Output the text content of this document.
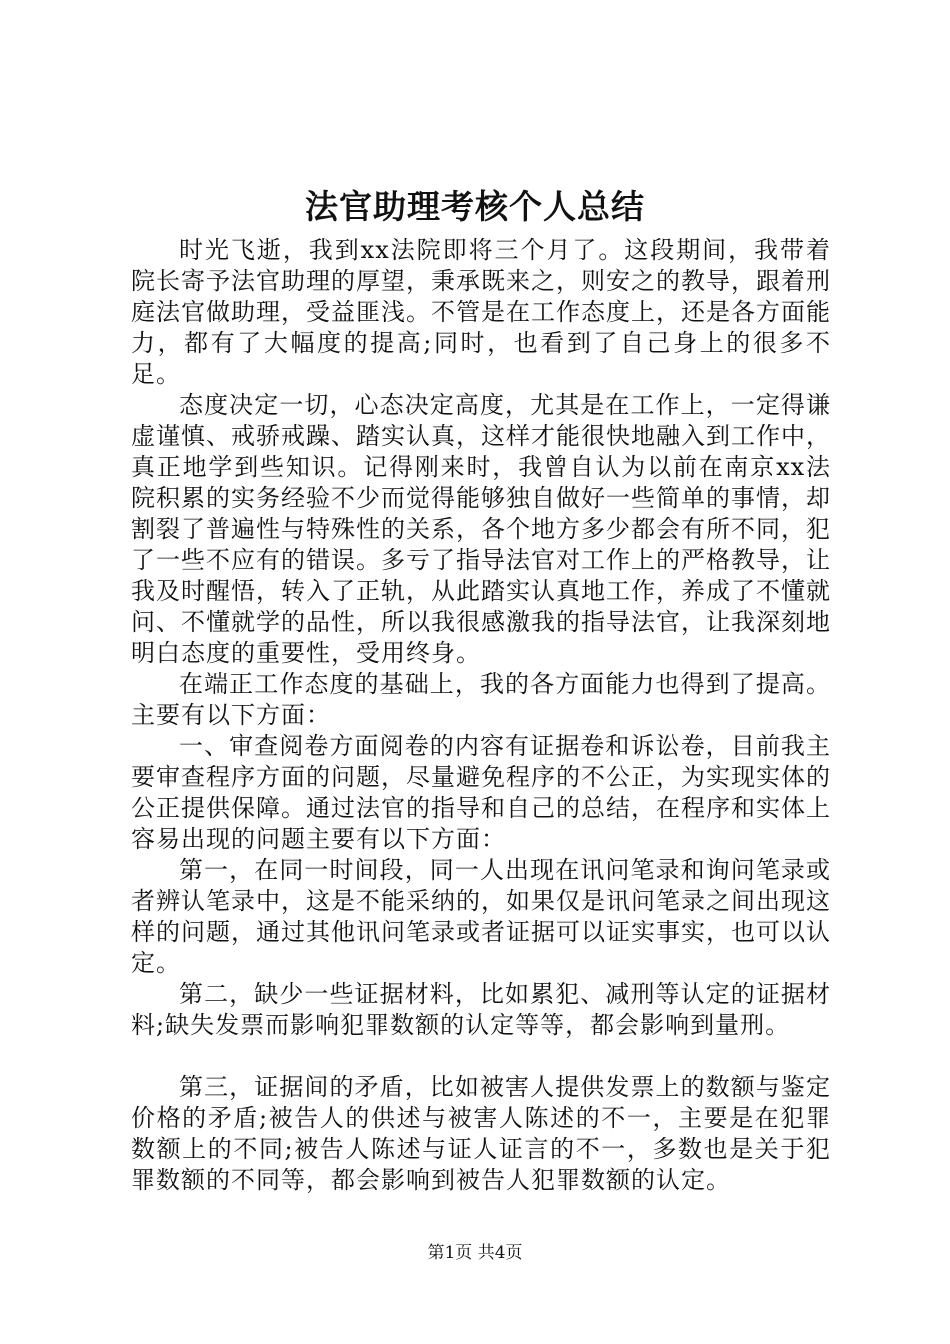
法官助理考核个人总结

时光飞逝，我到xx法院即将三个月了。这段期间，我带着院长寄予法官助理的厚望，秉承既来之，则安之的教导，跟着刑庭法官做助理，受益匪浅。不管是在工作态度上，还是各方面能力，都有了大幅度的提高;同时，也看到了自己身上的很多不足。

态度决定一切，心态决定高度，尤其是在工作上，一定得谦虚谨慎、戒骄戒躁、踏实认真，这样才能很快地融入到工作中，真正地学到些知识。记得刚来时，我曾自认为以前在南京xx法院积累的实务经验不少而觉得能够独自做好一些简单的事情，却割裂了普遍性与特殊性的关系，各个地方多少都会有所不同，犯了一些不应有的错误。多亏了指导法官对工作上的严格教导，让我及时醒悟，转入了正轨，从此踏实认真地工作，养成了不懂就问、不懂就学的品性，所以我很感激我的指导法官，让我深刻地明白态度的重要性，受用终身。

在端正工作态度的基础上，我的各方面能力也得到了提高。主要有以下方面：

一、审查阅卷方面阅卷的内容有证据卷和诉讼卷，目前我主要审查程序方面的问题，尽量避免程序的不公正，为实现实体的公正提供保障。通过法官的指导和自己的总结，在程序和实体上容易出现的问题主要有以下方面：

第一，在同一时间段，同一人出现在讯问笔录和询问笔录或者辨认笔录中，这是不能采纳的，如果仅是讯问笔录之间出现这样的问题，通过其他讯问笔录或者证据可以证实事实，也可以认定。

第二，缺少一些证据材料，比如累犯、减刑等认定的证据材料;缺失发票而影响犯罪数额的认定等等，都会影响到量刑。

第三，证据间的矛盾，比如被害人提供发票上的数额与鉴定价格的矛盾;被告人的供述与被害人陈述的不一，主要是在犯罪数额上的不同;被告人陈述与证人证言的不一，多数也是关于犯罪数额的不同等，都会影响到被告人犯罪数额的认定。

第1页 共4页
